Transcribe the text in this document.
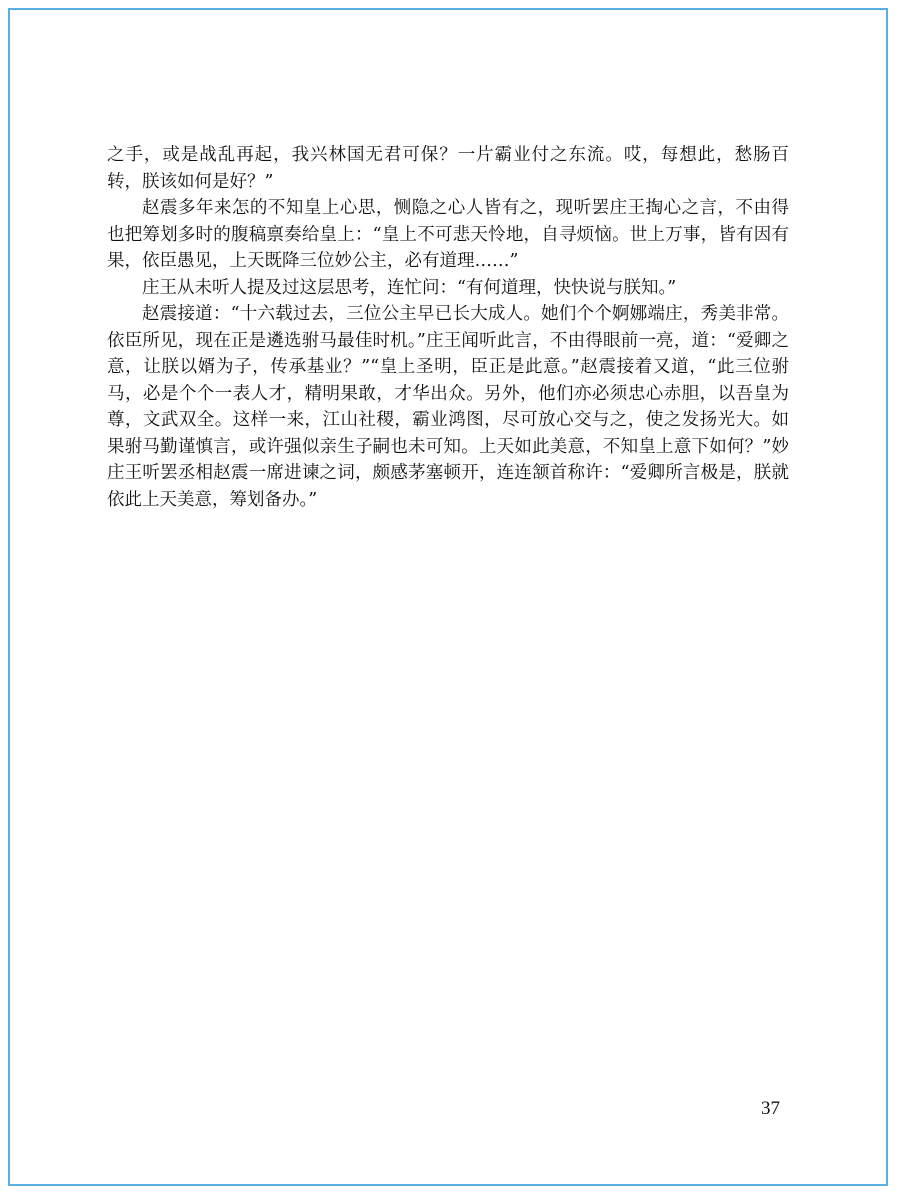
之手，或是战乱再起，我兴林国无君可保？一片霸业付之东流。哎，每想此，愁肠百转，朕该如何是好？”

赵震多年来怎的不知皇上心思，恻隐之心人皆有之，现听罢庄王掏心之言，不由得也把筹划多时的腹稿禀奏给皇上：“皇上不可悲天怜地，自寻烦恼。世上万事，皆有因有果，依臣愚见，上天既降三位妙公主，必有道理……”

庄王从未听人提及过这层思考，连忙问：“有何道理，快快说与朕知。”

赵震接道：“十六载过去，三位公主早已长大成人。她们个个婀娜端庄，秀美非常。依臣所见，现在正是遴选驸马最佳时机。”庄王闻听此言，不由得眼前一亮，道：“爱卿之意，让朕以婿为子，传承基业？”“皇上圣明，臣正是此意。”赵震接着又道，“此三位驸马，必是个个一表人才，精明果敢，才华出众。另外，他们亦必须忠心赤胆，以吾皇为尊，文武双全。这样一来，江山社稷，霸业鸿图，尽可放心交与之，使之发扬光大。如果驸马勤谨慎言，或许强似亲生子嗣也未可知。上天如此美意，不知皇上意下如何？”妙庄王听罢丞相赵震一席进谏之词，颇感茅塞顿开，连连颔首称许：“爱卿所言极是，朕就依此上天美意，筹划备办。”

37
